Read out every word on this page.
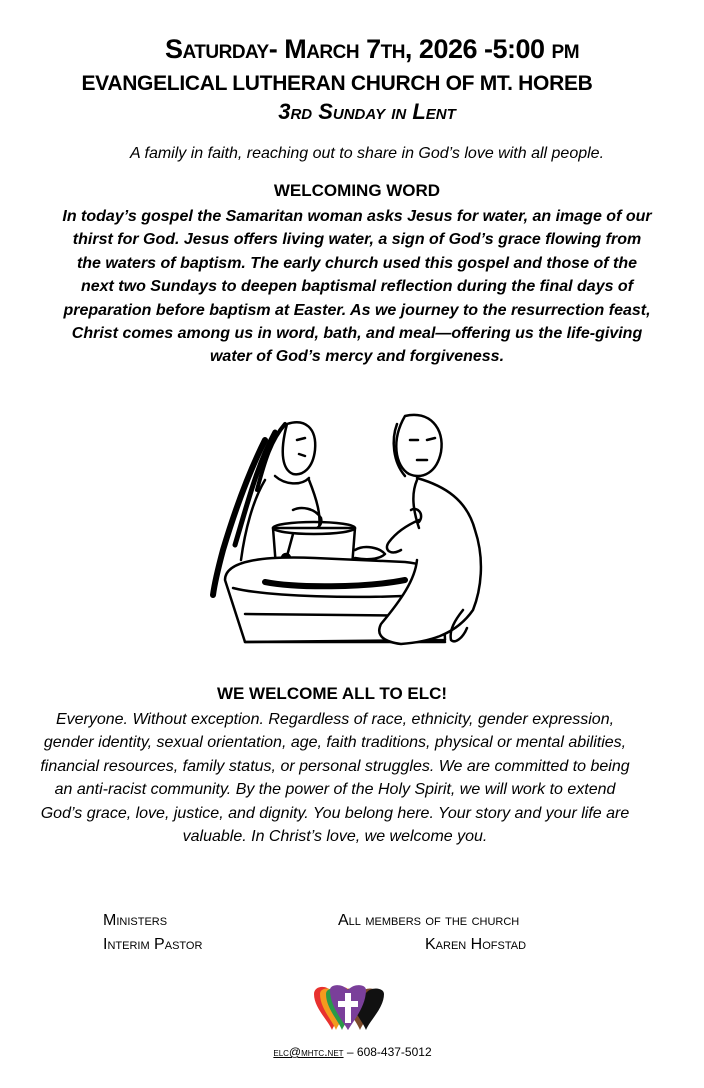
Saturday- March 7th, 2026 -5:00 pm
EVANGELICAL LUTHERAN CHURCH OF MT. HOREB
3rd Sunday in Lent
A family in faith, reaching out to share in God’s love with all people.
WELCOMING WORD
In today’s gospel the Samaritan woman asks Jesus for water, an image of our thirst for God. Jesus offers living water, a sign of God’s grace flowing from the waters of baptism. The early church used this gospel and those of the next two Sundays to deepen baptismal reflection during the final days of preparation before baptism at Easter. As we journey to the resurrection feast, Christ comes among us in word, bath, and meal—offering us the life-giving water of God’s mercy and forgiveness.
WE WELCOME ALL TO ELC!
Everyone. Without exception. Regardless of race, ethnicity, gender expression, gender identity, sexual orientation, age, faith traditions, physical or mental abilities, financial resources, family status, or personal struggles. We are committed to being an anti-racist community. By the power of the Holy Spirit, we will work to extend God’s grace, love, justice, and dignity. You belong here. Your story and your life are valuable. In Christ’s love, we welcome you.
Ministers	All members of the church
Interim Pastor	Karen Hofstad
elc@mhtc.net – 608-437-5012
